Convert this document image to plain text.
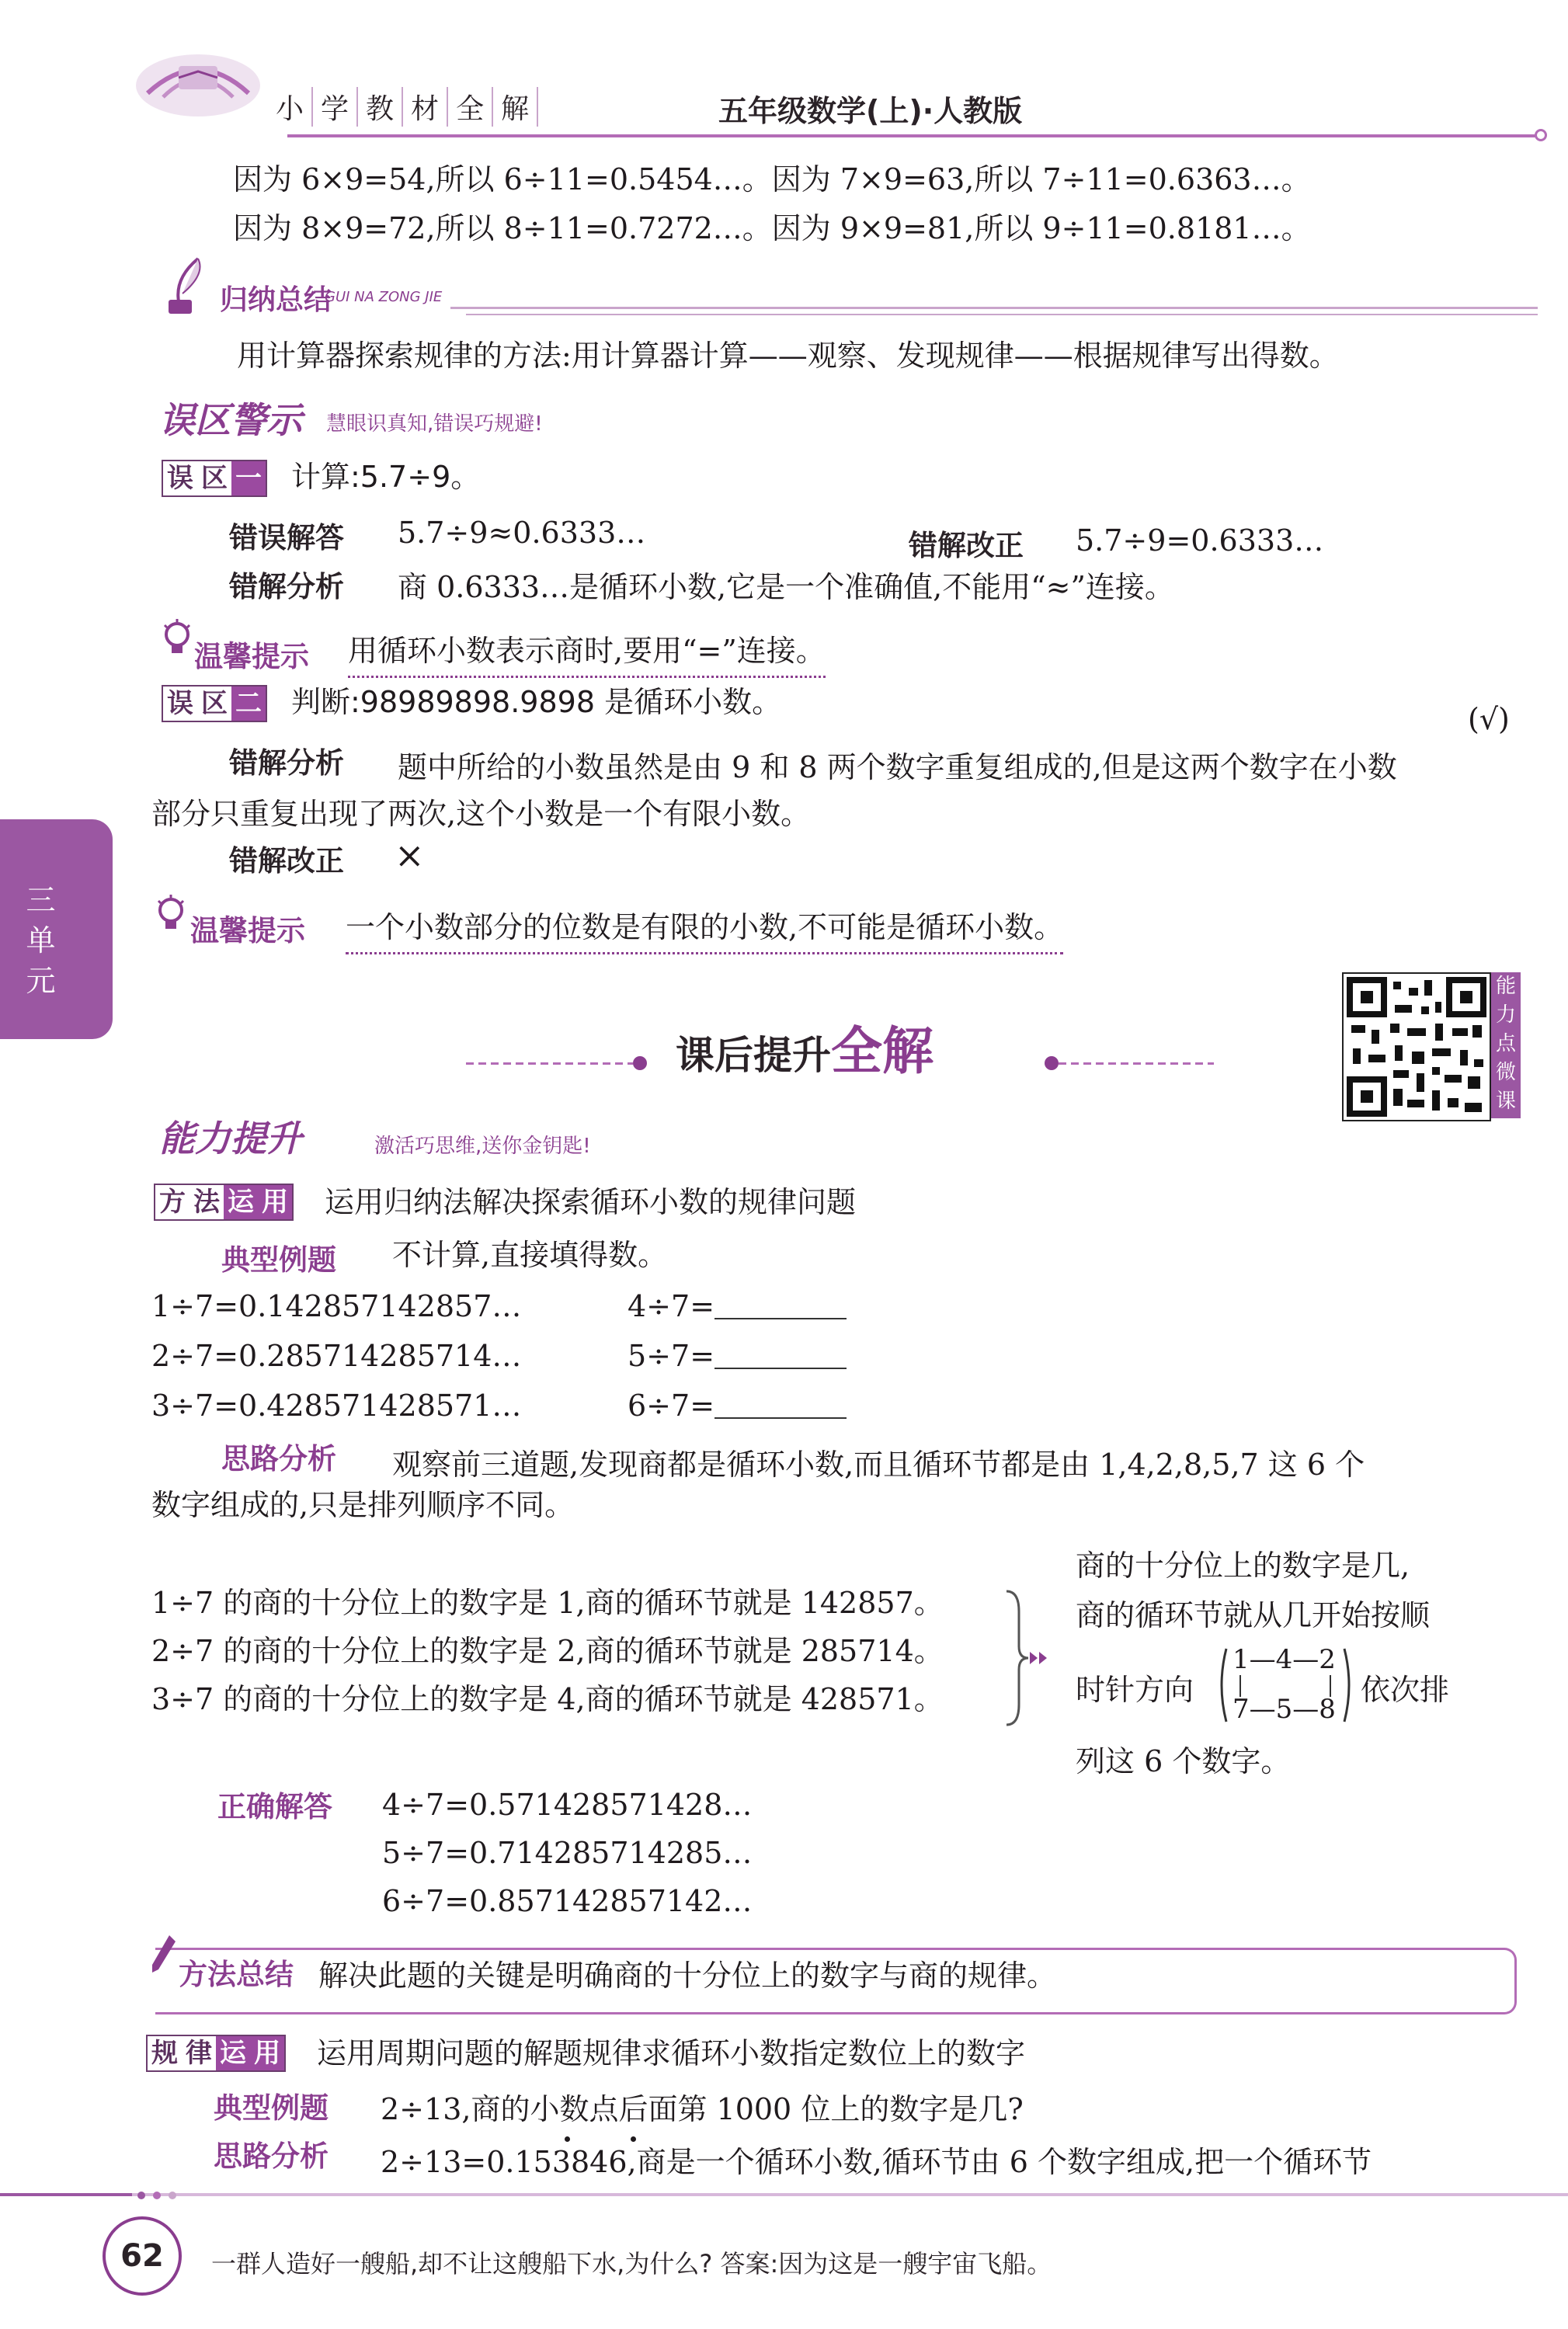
小 学 教 材 全 解	五年级数学(上)·人教版
因为 6×9=54,所以 6÷11=0.5454…。因为 7×9=63,所以 7÷11=0.6363…。
因为 8×9=72,所以 8÷11=0.7272…。因为 9×9=81,所以 9÷11=0.8181…。
归纳总结
GUI NA ZONG JIE
用计算器探索规律的方法:用计算器计算——观察、发现规律——根据规律写出得数。
误区警示 慧眼识真知,错误巧规避!
误 区 一 计算:5.7÷9。
错误解答 5.7÷9≈0.6333…	错解改正 5.7÷9=0.6333…
错解分析 商 0.6333…是循环小数,它是一个准确值,不能用“≈”连接。
温馨提示 用循环小数表示商时,要用“=”连接。
误 区 二 判断:98989898.9898 是循环小数。	(√)
错解分析 题中所给的小数虽然是由 9 和 8 两个数字重复组成的,但是这两个数字在小数
部分只重复出现了两次,这个小数是一个有限小数。
错解改正 ×
温馨提示 一个小数部分的位数是有限的小数,不可能是循环小数。
三
单
元
课后提升全解
能
力
点
微
课
能力提升	激活巧思维,送你金钥匙!
方 法 运 用 运用归纳法解决探索循环小数的规律问题
典型例题 不计算,直接填得数。
1÷7=0.142857142857…	4÷7=
2÷7=0.285714285714…	5÷7=
3÷7=0.428571428571…	6÷7=
思路分析 观察前三道题,发现商都是循环小数,而且循环节都是由 1,4,2,8,5,7 这 6 个
数字组成的,只是排列顺序不同。
1÷7 的商的十分位上的数字是 1,商的循环节就是 142857。
2÷7 的商的十分位上的数字是 2,商的循环节就是 285714。
3÷7 的商的十分位上的数字是 4,商的循环节就是 428571。
商的十分位上的数字是几,
商的循环节就从几开始按顺
时针方向
1—4—2
7—5—8
依次排
列这 6 个数字。
正确解答 4÷7=0.571428571428…
5÷7=0.714285714285…
6÷7=0.857142857142…
方法总结 解决此题的关键是明确商的十分位上的数字与商的规律。
规 律 运 用 运用周期问题的解题规律求循环小数指定数位上的数字
典型例题 2÷13,商的小数点后面第 1000 位上的数字是几?
思路分析 2÷13=0.153846,商是一个循环小数,循环节由 6 个数字组成,把一个循环节
62	一群人造好一艘船,却不让这艘船下水,为什么? 答案:因为这是一艘宇宙飞船。
